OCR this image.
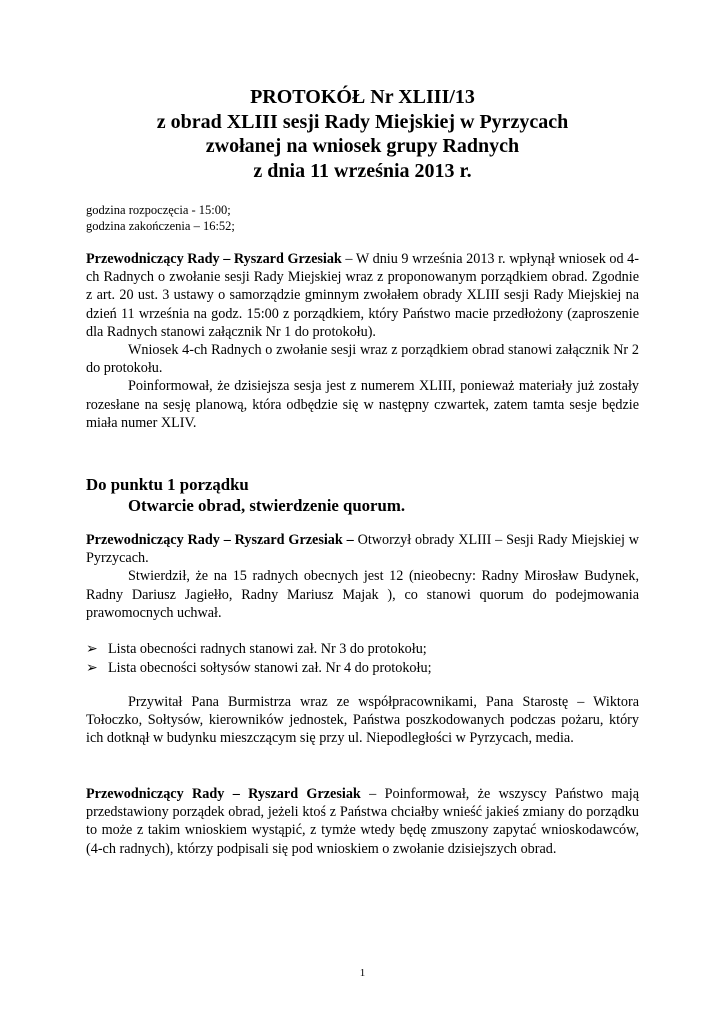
PROTOKÓŁ Nr XLIII/13
z obrad XLIII sesji Rady Miejskiej w Pyrzycach
zwołanej na wniosek grupy Radnych
z dnia 11 września 2013 r.
godzina rozpoczęcia - 15:00;
godzina zakończenia – 16:52;

Przewodniczący Rady – Ryszard Grzesiak – W dniu 9 września 2013 r. wpłynął wniosek od 4-ch Radnych o zwołanie sesji Rady Miejskiej wraz z proponowanym porządkiem obrad. Zgodnie z art. 20 ust. 3 ustawy o samorządzie gminnym zwołałem obrady XLIII sesji Rady Miejskiej na dzień 11 września na godz. 15:00 z porządkiem, który Państwo macie przedłożony (zaproszenie dla Radnych stanowi załącznik Nr 1 do protokołu).

Wniosek 4-ch Radnych o zwołanie sesji wraz z porządkiem obrad stanowi załącznik Nr 2 do protokołu.

Poinformował, że dzisiejsza sesja jest z numerem XLIII, ponieważ materiały już zostały rozesłane na sesję planową, która odbędzie się w następny czwartek, zatem tamta sesje będzie miała numer XLIV.

Do punktu 1 porządku
Otwarcie obrad, stwierdzenie quorum.

Przewodniczący Rady – Ryszard Grzesiak – Otworzył obrady XLIII – Sesji Rady Miejskiej w Pyrzycach.

Stwierdził, że na 15 radnych obecnych jest 12 (nieobecny: Radny Mirosław Budynek, Radny Dariusz Jagiełło, Radny Mariusz Majak ), co stanowi quorum do podejmowania prawomocnych uchwał.

➢ Lista obecności radnych stanowi zał. Nr 3 do protokołu;
➢ Lista obecności sołtysów stanowi zał. Nr 4 do protokołu;

Przywitał Pana Burmistrza wraz ze współpracownikami, Pana Starostę – Wiktora Tołoczko, Sołtysów, kierowników jednostek, Państwa poszkodowanych podczas pożaru, który ich dotknął w budynku mieszczącym się przy ul. Niepodległości w Pyrzycach, media.

Przewodniczący Rady – Ryszard Grzesiak – Poinformował, że wszyscy Państwo mają przedstawiony porządek obrad, jeżeli ktoś z Państwa chciałby wnieść jakieś zmiany do porządku to może z takim wnioskiem wystąpić, z tymże wtedy będę zmuszony zapytać wnioskodawców, (4-ch radnych), którzy podpisali się pod wnioskiem o zwołanie dzisiejszych obrad.

1
